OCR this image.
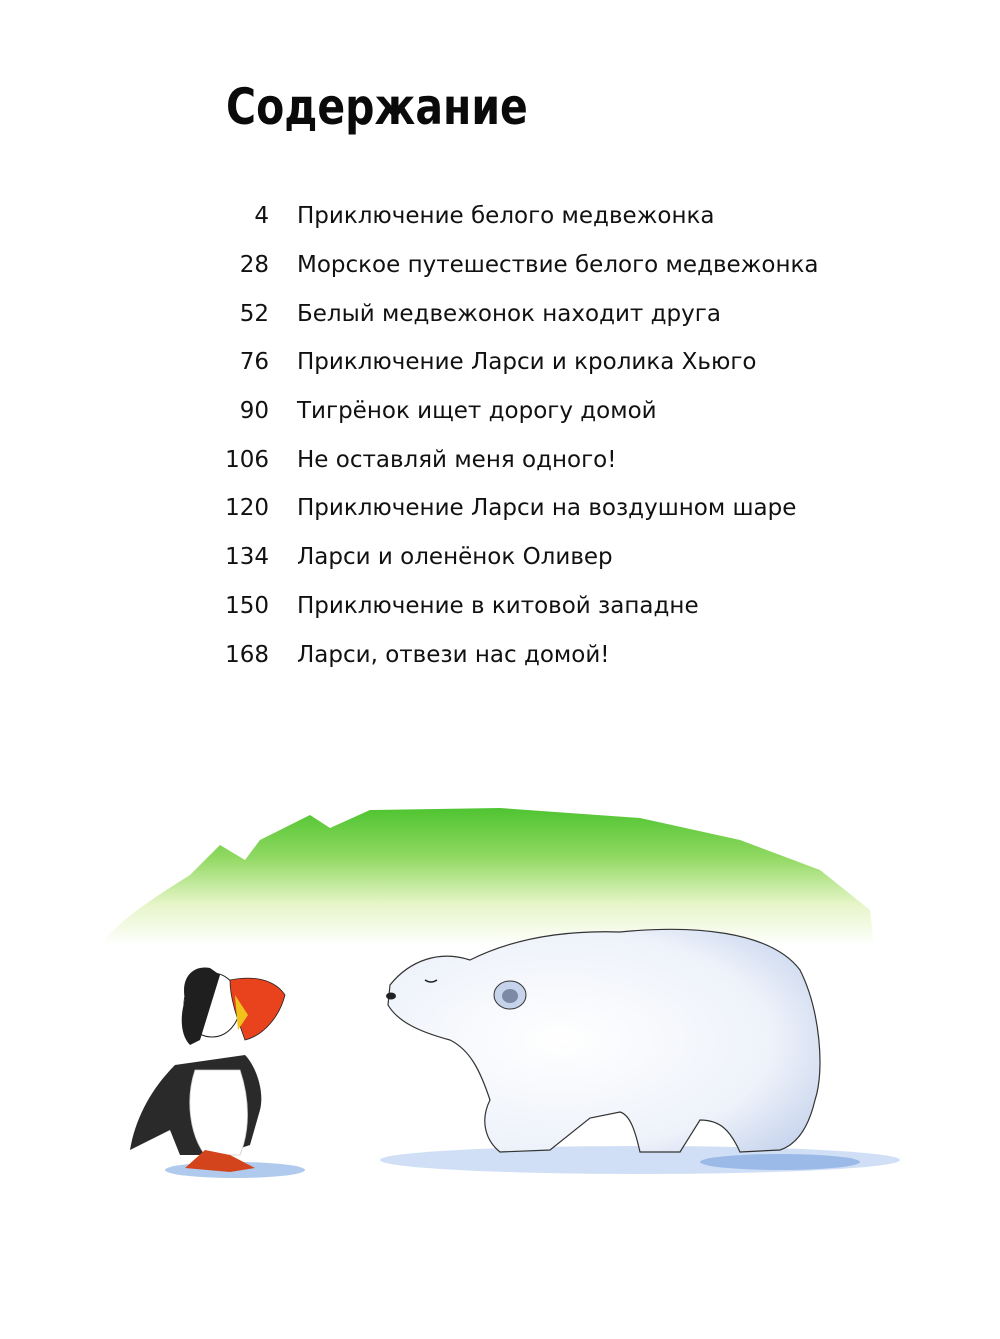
Содержание
4 Приключение белого медвежонка
28 Морское путешествие белого медвежонка
52 Белый медвежонок находит друга
76 Приключение Ларси и кролика Хьюго
90 Тигрёнок ищет дорогу домой
106 Не оставляй меня одного!
120 Приключение Ларси на воздушном шаре
134 Ларси и оленёнок Оливер
150 Приключение в китовой западне
168 Ларси, отвези нас домой!
